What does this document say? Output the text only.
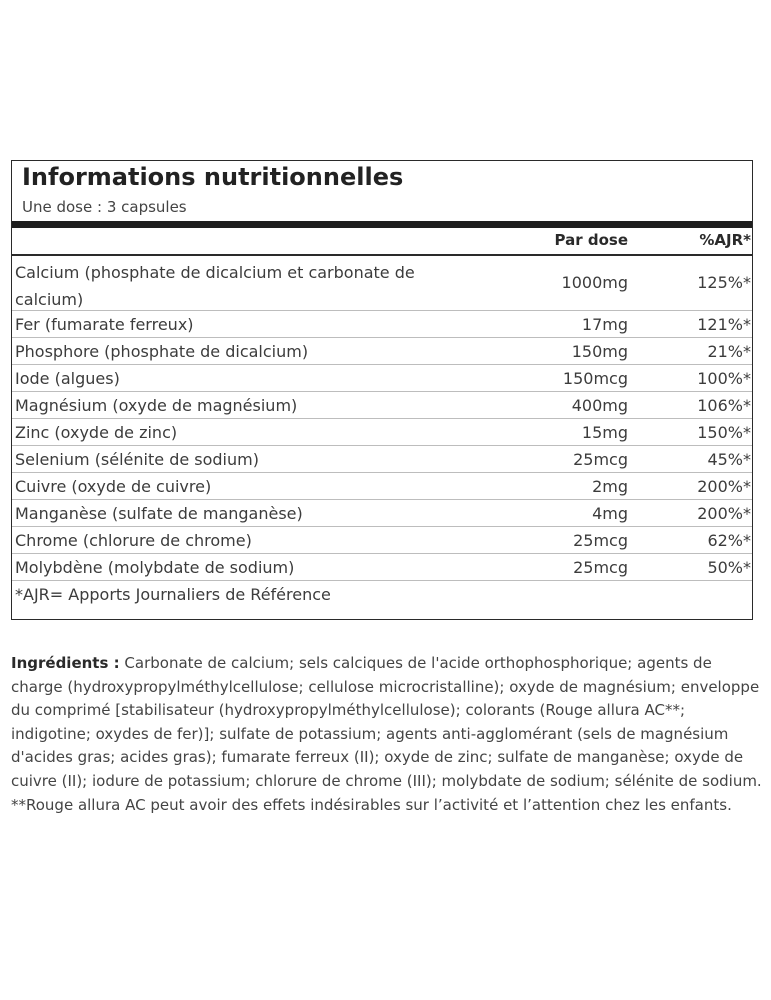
Informations nutritionnelles
Une dose : 3 capsules
Par dose	%AJR*
Calcium (phosphate de dicalcium et carbonate de calcium)
1000mg	125%*
Fer (fumarate ferreux)	17mg	121%*
Phosphore (phosphate de dicalcium)	150mg	21%*
Iode (algues)	150mcg	100%*
Magnésium (oxyde de magnésium)	400mg	106%*
Zinc (oxyde de zinc)	15mg	150%*
Selenium (sélénite de sodium)	25mcg	45%*
Cuivre (oxyde de cuivre)	2mg	200%*
Manganèse (sulfate de manganèse)	4mg	200%*
Chrome (chlorure de chrome)	25mcg	62%*
Molybdène (molybdate de sodium)	25mcg	50%*
*AJR= Apports Journaliers de Référence
Ingrédients : Carbonate de calcium; sels calciques de l'acide orthophosphorique; agents de charge (hydroxypropylméthylcellulose; cellulose microcristalline); oxyde de magnésium; enveloppe du comprimé [stabilisateur (hydroxypropylméthylcellulose); colorants (Rouge allura AC**; indigotine; oxydes de fer)]; sulfate de potassium; agents anti-agglomérant (sels de magnésium d'acides gras; acides gras); fumarate ferreux (II); oxyde de zinc; sulfate de manganèse; oxyde de cuivre (II); iodure de potassium; chlorure de chrome (III); molybdate de sodium; sélénite de sodium. **Rouge allura AC peut avoir des effets indésirables sur l’activité et l’attention chez les enfants.
